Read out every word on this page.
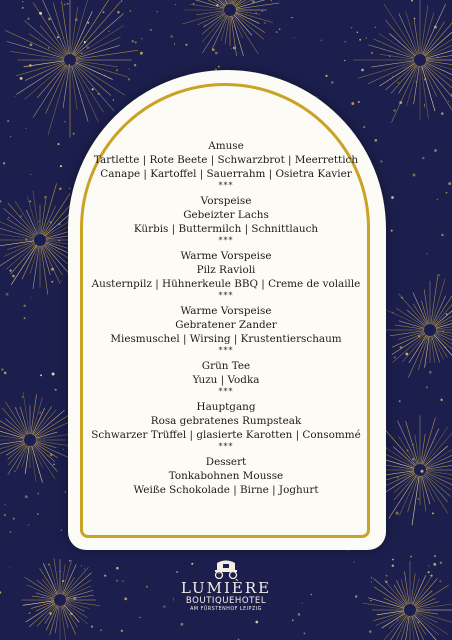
Amuse
Tartlette | Rote Beete | Schwarzbrot | Meerrettich
Canape | Kartoffel | Sauerrahm | Osietra Kavier
***
Vorspeise
Gebeizter Lachs
Kürbis | Buttermilch | Schnittlauch
***
Warme Vorspeise
Pilz Ravioli
Austernpilz | Hühnerkeule BBQ | Creme de volaille
***
Warme Vorspeise
Gebratener Zander
Miesmuschel | Wirsing | Krustentierschaum
***
Grün Tee
Yuzu | Vodka
***
Hauptgang
Rosa gebratenes Rumpsteak
Schwarzer Trüffel | glasierte Karotten | Consommé
***
Dessert
Tonkabohnen Mousse
Weiße Schokolade | Birne | Joghurt
LUMIÈRE
BOUTIQUEHOTEL
AM FÜRSTENHOF LEIPZIG
